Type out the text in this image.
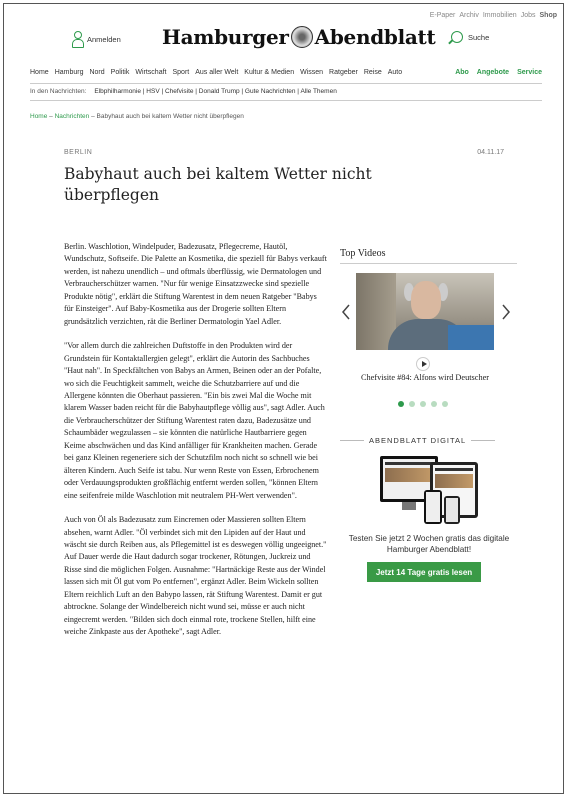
E-Paper Archiv Immobilien Jobs Shop
Anmelden Hamburger Abendblatt	Suche
Home Hamburg Nord Politik Wirtschaft Sport Aus aller Welt Kultur & Medien Wissen Ratgeber Reise Auto	Abo Angebote Service
In den Nachrichten: Elbphilharmonie | HSV | Chefvisite | Donald Trump | Gute Nachrichten | Alle Themen
Home – Nachrichten – Babyhaut auch bei kaltem Wetter nicht überpflegen
BERLIN	04.11.17
Babyhaut auch bei kaltem Wetter nicht überpflegen

Berlin. Waschlotion, Windelpuder, Badezusatz, Pflegecreme, Hautöl, Wundschutz, Softseife. Die Palette an Kosmetika, die speziell für Babys verkauft werden, ist nahezu unendlich – und oftmals überflüssig, wie Dermatologen und Verbraucherschützer warnen. "Nur für wenige Einsatzzwecke sind spezielle Produkte nötig", erklärt die Stiftung Warentest in dem neuen Ratgeber "Babys für Einsteiger". Auf Baby-Kosmetika aus der Drogerie sollten Eltern grundsätzlich verzichten, rät die Berliner Dermatologin Yael Adler.

"Vor allem durch die zahlreichen Duftstoffe in den Produkten wird der Grundstein für Kontaktallergien gelegt", erklärt die Autorin des Sachbuches "Haut nah". In Speckfältchen von Babys an Armen, Beinen oder an der Pofalte, wo sich die Feuchtigkeit sammelt, weiche die Schutzbarriere auf und die Allergene könnten die Oberhaut passieren. "Ein bis zwei Mal die Woche mit klarem Wasser baden reicht für die Babyhautpflege völlig aus", sagt Adler. Auch die Verbraucherschützer der Stiftung Warentest raten dazu, Badezusätze und Schaumbäder wegzulassen – sie könnten die natürliche Hautbarriere gegen Keime abschwächen und das Kind anfälliger für Krankheiten machen. Gerade bei ganz Kleinen regeneriere sich der Schutzfilm noch nicht so schnell wie bei älteren Kindern. Auch Seife ist tabu. Nur wenn Reste von Essen, Erbrochenem oder Verdauungsprodukten großflächig entfernt werden sollen, "können Eltern eine seifenfreie milde Waschlotion mit neutralem PH-Wert verwenden".

Auch von Öl als Badezusatz zum Eincremen oder Massieren sollten Eltern absehen, warnt Adler. "Öl verbindet sich mit den Lipiden auf der Haut und wäscht sie durch Reiben aus, als Pflegemittel ist es deswegen völlig ungeeignet." Auf Dauer werde die Haut dadurch sogar trockener, Rötungen, Juckreiz und Risse sind die möglichen Folgen. Ausnahme: "Hartnäckige Reste aus der Windel lassen sich mit Öl gut vom Po entfernen", ergänzt Adler. Beim Wickeln sollten Eltern reichlich Luft an den Babypo lassen, rät Stiftung Warentest. Damit er gut abtrockne. Solange der Windelbereich nicht wund sei, müsse er auch nicht eingecremt werden. "Bilden sich doch einmal rote, trockene Stellen, hilft eine weiche Zinkpaste aus der Apotheke", sagt Adler.

Top Videos
Chefvisite #84: Alfons wird Deutscher
ABENDBLATT DIGITAL
Testen Sie jetzt 2 Wochen gratis das digitale Hamburger Abendblatt!
Jetzt 14 Tage gratis lesen
